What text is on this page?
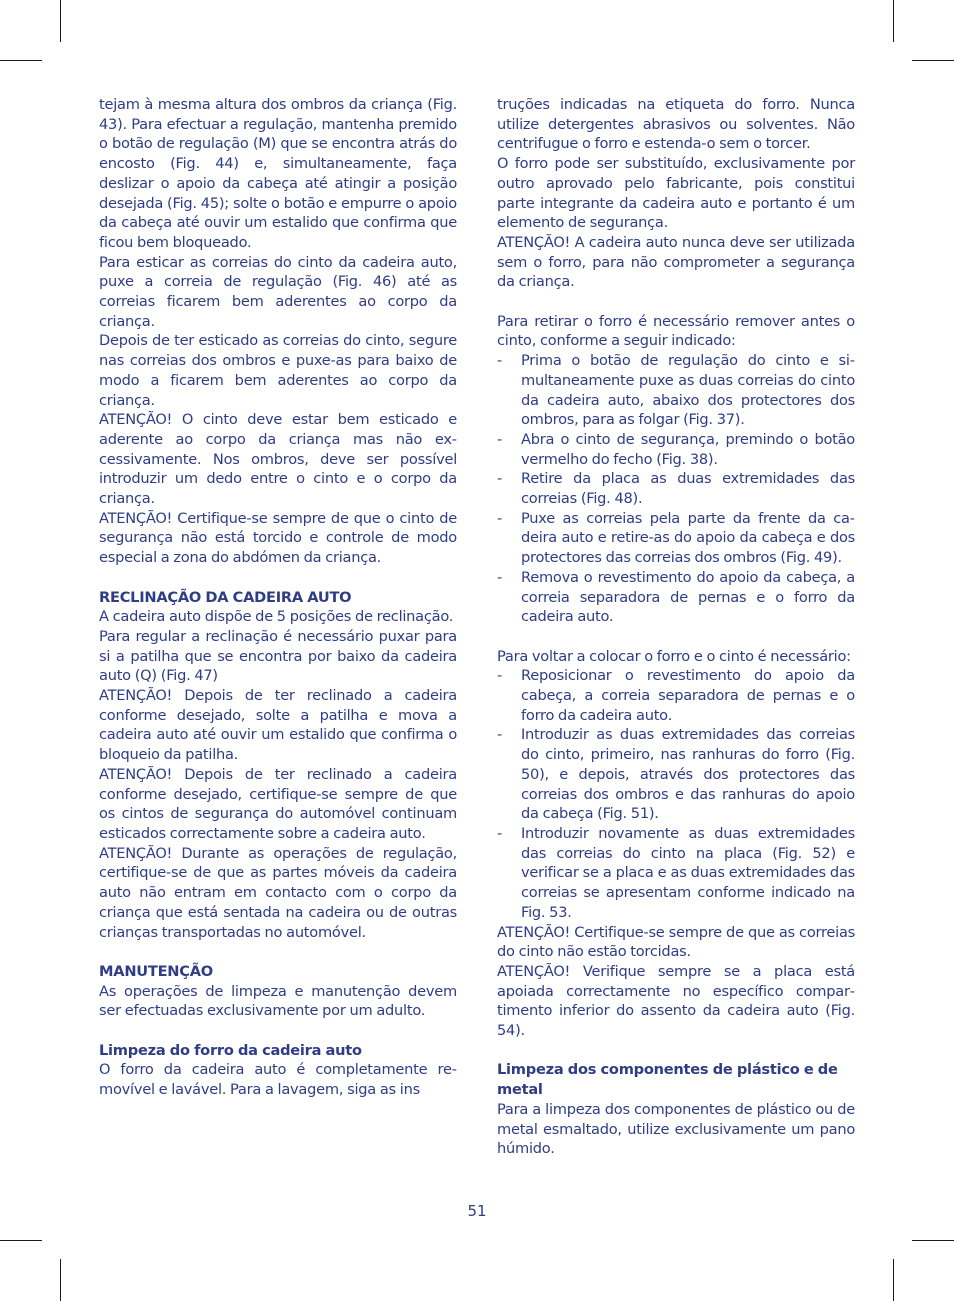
tejam à mesma altura dos ombros da criança (Fig. 43). Para efectuar a regulação, mantenha premido o botão de regulação (M) que se encontra atrás do encosto (Fig. 44) e, simultaneamente, faça deslizar o apoio da cabeça até atingir a posição desejada (Fig. 45); solte o botão e empurre o apoio da cabeça até ouvir um estalido que confirma que ficou bem bloqueado.

Para esticar as correias do cinto da cadeira auto, puxe a correia de regulação (Fig. 46) até as correias ficarem bem aderentes ao corpo da criança.

Depois de ter esticado as correias do cinto, segure nas correias dos ombros e puxe-as para baixo de modo a ficarem bem aderentes ao corpo da criança.

ATENÇÃO! O cinto deve estar bem esticado e aderente ao corpo da criança mas não excessivamente. Nos ombros, deve ser possível introduzir um dedo entre o cinto e o corpo da criança.

ATENÇÃO! Certifique-se sempre de que o cinto de segurança não está torcido e controle de modo especial a zona do abdómen da criança.

RECLINAÇÃO DA CADEIRA AUTO

A cadeira auto dispõe de 5 posições de reclinação.

Para regular a reclinação é necessário puxar para si a patilha que se encontra por baixo da cadeira auto (Q) (Fig. 47)

ATENÇÃO! Depois de ter reclinado a cadeira conforme desejado, solte a patilha e mova a cadeira auto até ouvir um estalido que confirma o bloqueio da patilha.

ATENÇÃO! Depois de ter reclinado a cadeira conforme desejado, certifique-se sempre de que os cintos de segurança do automóvel continuam esticados correctamente sobre a cadeira auto.

ATENÇÃO! Durante as operações de regulação, certifique-se de que as partes móveis da cadeira auto não entram em contacto com o corpo da criança que está sentada na cadeira ou de outras crianças transportadas no automóvel.

MANUTENÇÃO

As operações de limpeza e manutenção devem ser efectuadas exclusivamente por um adulto.

Limpeza do forro da cadeira auto

O forro da cadeira auto é completamente removível e lavável. Para a lavagem, siga as ins

truções indicadas na etiqueta do forro. Nunca utilize detergentes abrasivos ou solventes. Não centrifugue o forro e estenda-o sem o torcer.

O forro pode ser substituído, exclusivamente por outro aprovado pelo fabricante, pois constitui parte integrante da cadeira auto e portanto é um elemento de segurança.

ATENÇÃO! A cadeira auto nunca deve ser utilizada sem o forro, para não comprometer a segurança da criança.

Para retirar o forro é necessário remover antes o cinto, conforme a seguir indicado:

- Prima o botão de regulação do cinto e simultaneamente puxe as duas correias do cinto da cadeira auto, abaixo dos protectores dos ombros, para as folgar (Fig. 37).
- Abra o cinto de segurança, premindo o botão vermelho do fecho (Fig. 38).
- Retire da placa as duas extremidades das correias (Fig. 48).
- Puxe as correias pela parte da frente da cadeira auto e retire-as do apoio da cabeça e dos protectores das correias dos ombros (Fig. 49).
- Remova o revestimento do apoio da cabeça, a correia separadora de pernas e o forro da cadeira auto.

Para voltar a colocar o forro e o cinto é necessário:

- Reposicionar o revestimento do apoio da cabeça, a correia separadora de pernas e o forro da cadeira auto.
- Introduzir as duas extremidades das correias do cinto, primeiro, nas ranhuras do forro (Fig. 50), e depois, através dos protectores das correias dos ombros e das ranhuras do apoio da cabeça (Fig. 51).
- Introduzir novamente as duas extremidades das correias do cinto na placa (Fig. 52) e verificar se a placa e as duas extremidades das correias se apresentam conforme indicado na Fig. 53.

ATENÇÃO! Certifique-se sempre de que as correias do cinto não estão torcidas.

ATENÇÃO! Verifique sempre se a placa está apoiada correctamente no específico compartimento inferior do assento da cadeira auto (Fig. 54).

Limpeza dos componentes de plástico e de metal

Para a limpeza dos componentes de plástico ou de metal esmaltado, utilize exclusivamente um pano húmido.

51
